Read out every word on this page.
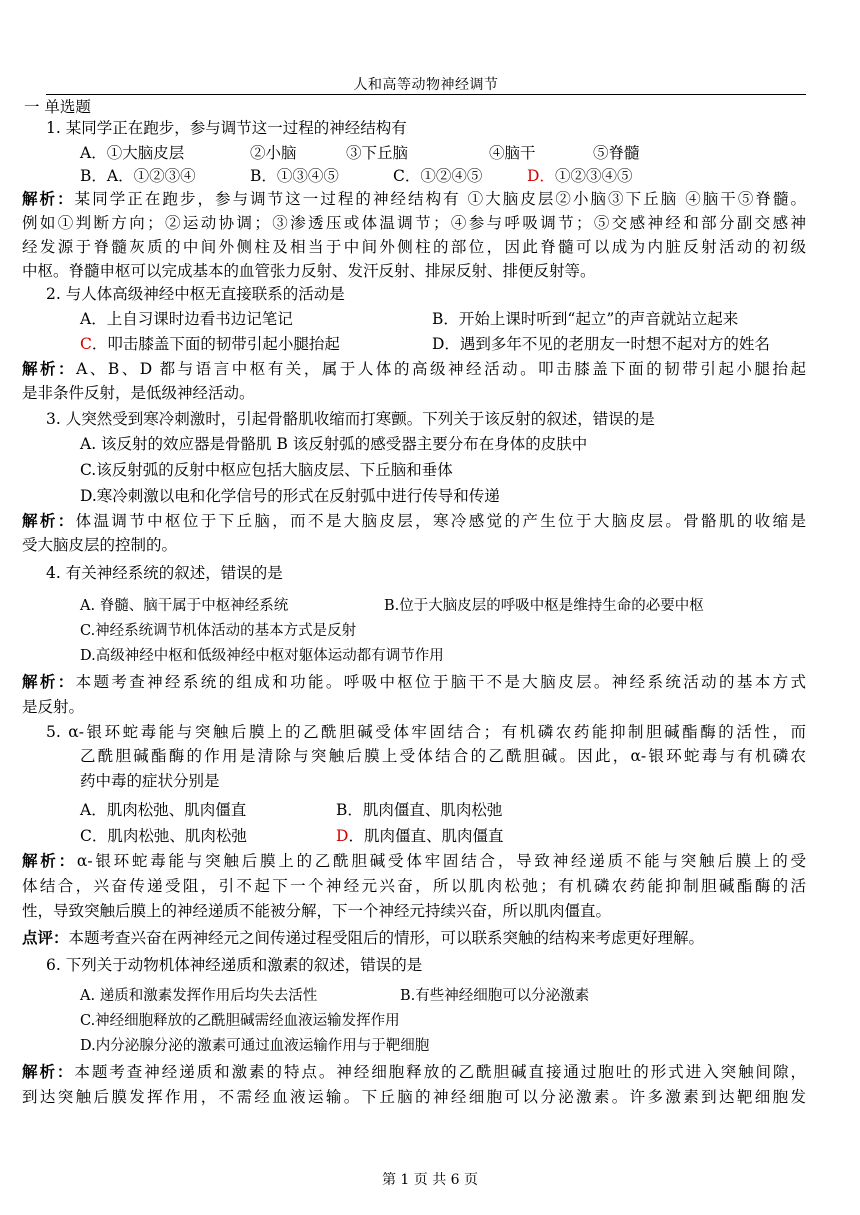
人和高等动物神经调节
一 单选题
1. 某同学正在跑步，参与调节这一过程的神经结构有
A．①大脑皮层	②小脑	③下丘脑	④脑干	⑤脊髓
B．A．①②③④	B．①③④⑤	C．①②④⑤	D．①②③④⑤
解析：某同学正在跑步，参与调节这一过程的神经结构有 ①大脑皮层②小脑③下丘脑 ④脑干⑤脊髓。
例如①判断方向；②运动协调；③渗透压或体温调节；④参与呼吸调节；⑤交感神经和部分副交感神
经发源于脊髓灰质的中间外侧柱及相当于中间外侧柱的部位，因此脊髓可以成为内脏反射活动的初级
中枢。脊髓申枢可以完成基本的血管张力反射、发汗反射、排尿反射、排便反射等。
2. 与人体高级神经中枢无直接联系的活动是
A．上自习课时边看书边记笔记	B．开始上课时听到“起立”的声音就站立起来
C．叩击膝盖下面的韧带引起小腿抬起	D．遇到多年不见的老朋友一时想不起对方的姓名
解析：A、B、D 都与语言中枢有关，属于人体的高级神经活动。叩击膝盖下面的韧带引起小腿抬起
是非条件反射，是低级神经活动。
3. 人突然受到寒冷刺激时，引起骨骼肌收缩而打寒颤。下列关于该反射的叙述，错误的是
A. 该反射的效应器是骨骼肌 B 该反射弧的感受器主要分布在身体的皮肤中
C.该反射弧的反射中枢应包括大脑皮层、下丘脑和垂体
D.寒冷刺激以电和化学信号的形式在反射弧中进行传导和传递
解析：体温调节中枢位于下丘脑，而不是大脑皮层，寒冷感觉的产生位于大脑皮层。骨骼肌的收缩是
受大脑皮层的控制的。
4. 有关神经系统的叙述，错误的是
A. 脊髓、脑干属于中枢神经系统	B.位于大脑皮层的呼吸中枢是维持生命的必要中枢
C.神经系统调节机体活动的基本方式是反射
D.高级神经中枢和低级神经中枢对躯体运动都有调节作用
解析：本题考查神经系统的组成和功能。呼吸中枢位于脑干不是大脑皮层。神经系统活动的基本方式
是反射。
5. α-银环蛇毒能与突触后膜上的乙酰胆碱受体牢固结合；有机磷农药能抑制胆碱酯酶的活性，而
乙酰胆碱酯酶的作用是清除与突触后膜上受体结合的乙酰胆碱。因此，α-银环蛇毒与有机磷农
药中毒的症状分别是
A．肌肉松弛、肌肉僵直	B．肌肉僵直、肌肉松弛
C．肌肉松弛、肌肉松弛	D．肌肉僵直、肌肉僵直
解析：α-银环蛇毒能与突触后膜上的乙酰胆碱受体牢固结合，导致神经递质不能与突触后膜上的受
体结合，兴奋传递受阻，引不起下一个神经元兴奋，所以肌肉松弛；有机磷农药能抑制胆碱酯酶的活
性，导致突触后膜上的神经递质不能被分解，下一个神经元持续兴奋，所以肌肉僵直。
点评：本题考查兴奋在两神经元之间传递过程受阻后的情形，可以联系突触的结构来考虑更好理解。
6. 下列关于动物机体神经递质和激素的叙述，错误的是
A. 递质和激素发挥作用后均失去活性	B.有些神经细胞可以分泌激素
C.神经细胞释放的乙酰胆碱需经血液运输发挥作用
D.内分泌腺分泌的激素可通过血液运输作用与于靶细胞
解析：本题考查神经递质和激素的特点。神经细胞释放的乙酰胆碱直接通过胞吐的形式进入突触间隙，
到达突触后膜发挥作用，不需经血液运输。下丘脑的神经细胞可以分泌激素。许多激素到达靶细胞发
第 1 页 共 6 页
